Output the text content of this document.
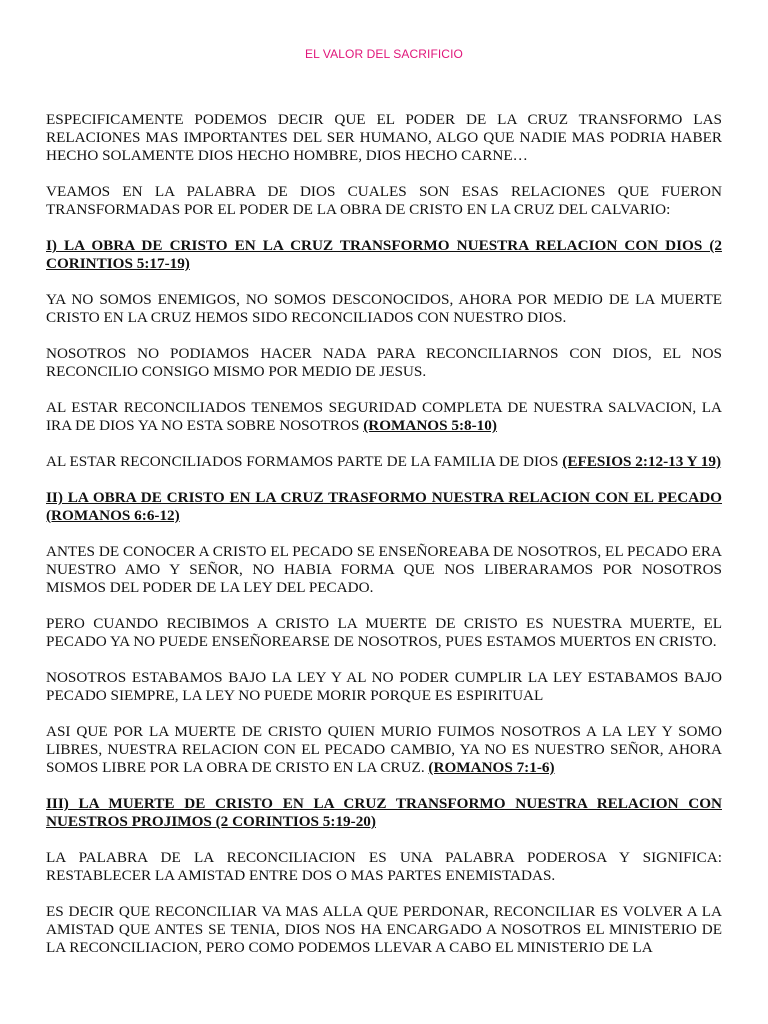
EL VALOR DEL SACRIFICIO

ESPECIFICAMENTE PODEMOS DECIR QUE EL PODER DE LA CRUZ TRANSFORMO LAS RELACIONES MAS IMPORTANTES DEL SER HUMANO, ALGO QUE NADIE MAS PODRIA HABER HECHO SOLAMENTE DIOS HECHO HOMBRE, DIOS HECHO CARNE…

VEAMOS EN LA PALABRA DE DIOS CUALES SON ESAS RELACIONES QUE FUERON TRANSFORMADAS POR EL PODER DE LA OBRA DE CRISTO EN LA CRUZ DEL CALVARIO:

I) LA OBRA DE CRISTO EN LA CRUZ TRANSFORMO NUESTRA RELACION CON DIOS (2 CORINTIOS 5:17-19)

YA NO SOMOS ENEMIGOS, NO SOMOS DESCONOCIDOS, AHORA POR MEDIO DE LA MUERTE CRISTO EN LA CRUZ HEMOS SIDO RECONCILIADOS CON NUESTRO DIOS.

NOSOTROS NO PODIAMOS HACER NADA PARA RECONCILIARNOS CON DIOS, EL NOS RECONCILIO CONSIGO MISMO POR MEDIO DE JESUS.

AL ESTAR RECONCILIADOS TENEMOS SEGURIDAD COMPLETA DE NUESTRA SALVACION, LA IRA DE DIOS YA NO ESTA SOBRE NOSOTROS (ROMANOS 5:8-10)

AL ESTAR RECONCILIADOS FORMAMOS PARTE DE LA FAMILIA DE DIOS (EFESIOS 2:12-13 Y 19)

II) LA OBRA DE CRISTO EN LA CRUZ TRASFORMO NUESTRA RELACION CON EL PECADO (ROMANOS 6:6-12)

ANTES DE CONOCER A CRISTO EL PECADO SE ENSEÑOREABA DE NOSOTROS, EL PECADO ERA NUESTRO AMO Y SEÑOR, NO HABIA FORMA QUE NOS LIBERARAMOS POR NOSOTROS MISMOS DEL PODER DE LA LEY DEL PECADO.

PERO CUANDO RECIBIMOS A CRISTO LA MUERTE DE CRISTO ES NUESTRA MUERTE, EL PECADO YA NO PUEDE ENSEÑOREARSE DE NOSOTROS, PUES ESTAMOS MUERTOS EN CRISTO.

NOSOTROS ESTABAMOS BAJO LA LEY Y AL NO PODER CUMPLIR LA LEY ESTABAMOS BAJO PECADO SIEMPRE, LA LEY NO PUEDE MORIR PORQUE ES ESPIRITUAL

ASI QUE POR LA MUERTE DE CRISTO QUIEN MURIO FUIMOS NOSOTROS A LA LEY Y SOMO LIBRES, NUESTRA RELACION CON EL PECADO CAMBIO, YA NO ES NUESTRO SEÑOR, AHORA SOMOS LIBRE POR LA OBRA DE CRISTO EN LA CRUZ. (ROMANOS 7:1-6)

III) LA MUERTE DE CRISTO EN LA CRUZ TRANSFORMO NUESTRA RELACION CON NUESTROS PROJIMOS (2 CORINTIOS 5:19-20)

LA PALABRA DE LA RECONCILIACION ES UNA PALABRA PODEROSA Y SIGNIFICA: RESTABLECER LA AMISTAD ENTRE DOS O MAS PARTES ENEMISTADAS.

ES DECIR QUE RECONCILIAR VA MAS ALLA QUE PERDONAR, RECONCILIAR ES VOLVER A LA AMISTAD QUE ANTES SE TENIA, DIOS NOS HA ENCARGADO A NOSOTROS EL MINISTERIO DE LA RECONCILIACION, PERO COMO PODEMOS LLEVAR A CABO EL MINISTERIO DE LA
